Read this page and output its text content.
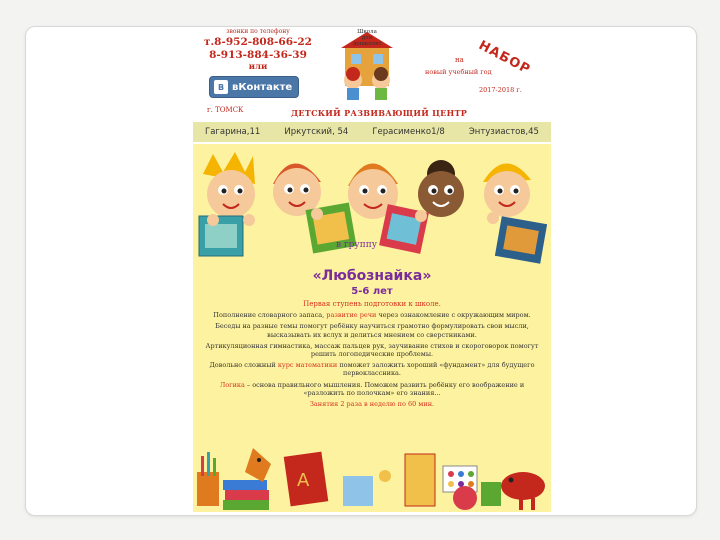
звонки по телефону
т.8-952-808-66-22
8-913-884-36-39
или
В вКонтакте
г. ТОМСК
Школа для дошколят	НАБОР
на
новый учебный год
2017-2018 г.
ДЕТСКИЙ РАЗВИВАЮЩИЙ ЦЕНТР
Гагарина,11	Иркутский, 54	Герасименко1/8	Энтузиастов,45
в группу
«Любознайка»
5-6 лет

Первая ступень подготовки к школе.

Пополнение словарного запаса, развитие речи через ознакомление с окружающим миром.

Беседы на разные темы помогут ребёнку научиться грамотно формулировать свои мысли, высказывать их вслух и делиться мнением со сверстниками.

Артикуляционная гимнастика, массаж пальцев рук, заучивание стихов и скороговорок помогут решить логопедические проблемы.

Довольно сложный курс математики поможет заложить хороший «фундамент» для будущего первоклассника.

Логика – основа правильного мышления. Поможем развить ребёнку его воображение и «разложить по полочкам» его знания...

Занятия 2 раза в неделю по 60 мин.

A
